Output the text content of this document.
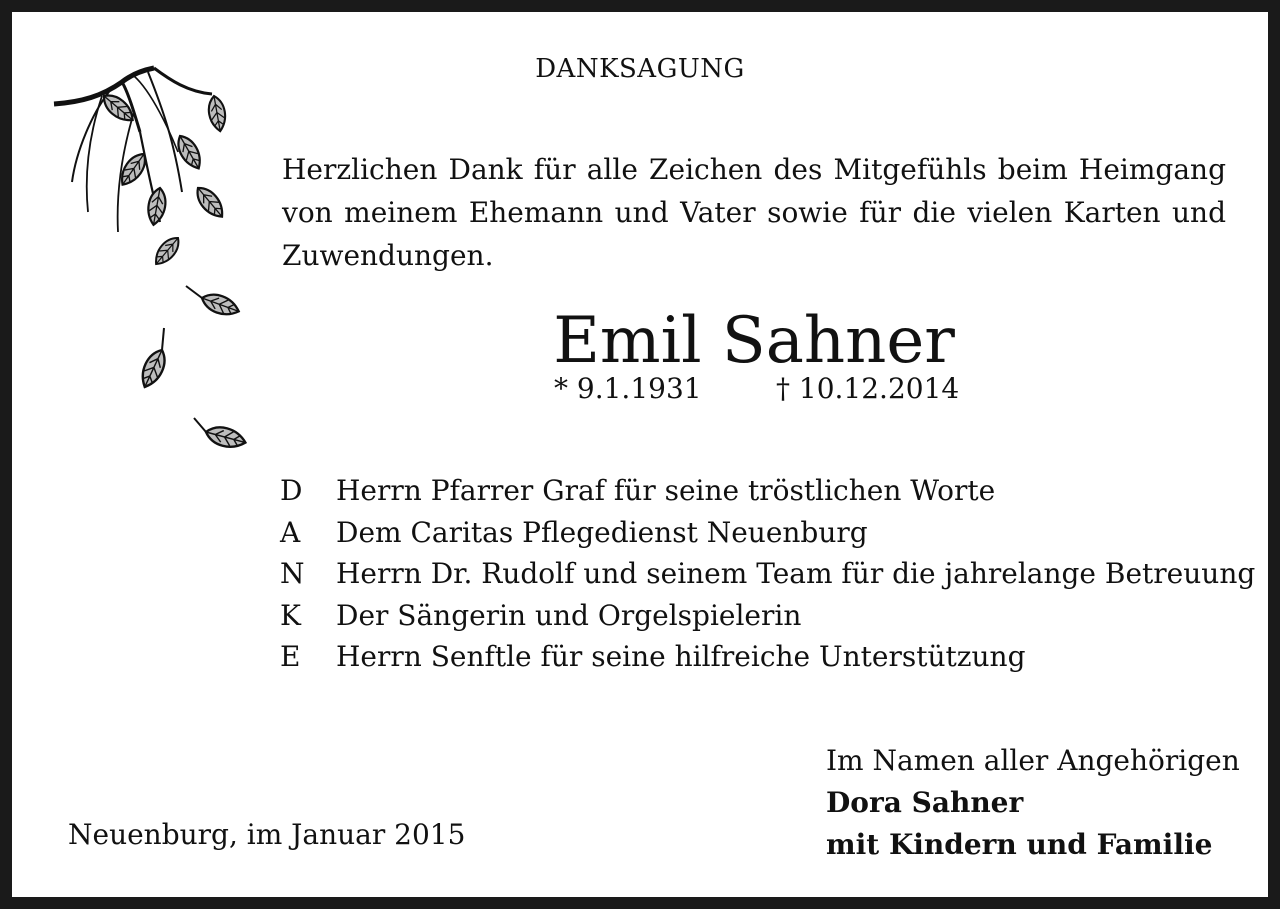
DANKSAGUNG
Herzlichen Dank für alle Zeichen des Mitgefühls beim Heimgang von meinem Ehemann und Vater sowie für die vielen Karten und Zuwendungen.
Emil Sahner
* 9.1.1931	† 10.12.2014
D Herrn Pfarrer Graf für seine tröstlichen Worte
A Dem Caritas Pflegedienst Neuenburg
N Herrn Dr. Rudolf und seinem Team für die jahrelange Betreuung
K Der Sängerin und Orgelspielerin
E Herrn Senftle für seine hilfreiche Unterstützung
Im Namen aller Angehörigen
Dora Sahner
mit Kindern und Familie
Neuenburg, im Januar 2015
